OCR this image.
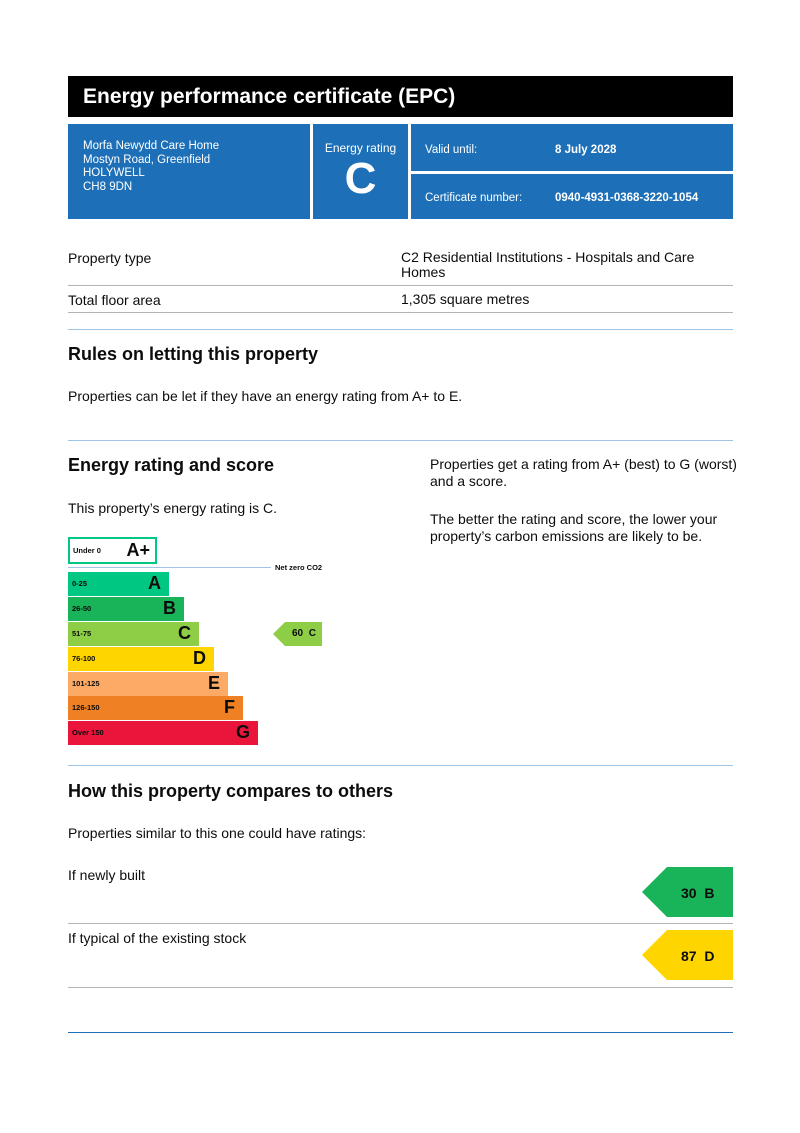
Energy performance certificate (EPC)
Morfa Newydd Care Home
Mostyn Road, Greenfield
HOLYWELL
CH8 9DN
Energy rating
C
Valid until:	8 July 2028
Certificate number:	0940-4931-0368-3220-1054
Property type	C2 Residential Institutions - Hospitals and Care Homes
Total floor area	1,305 square metres
Rules on letting this property
Properties can be let if they have an energy rating from A+ to E.
Energy rating and score
This property’s energy rating is C.
Properties get a rating from A+ (best) to G (worst) and a score.
The better the rating and score, the lower your property’s carbon emissions are likely to be.
Under 0 A+
0-25	A
26-50	B
51-75	C
76-100	D
101-125	E
126-150	F
Over 150	G
Net zero CO2
60 C
How this property compares to others
Properties similar to this one could have ratings:
If newly built
30 B
If typical of the existing stock
87 D
